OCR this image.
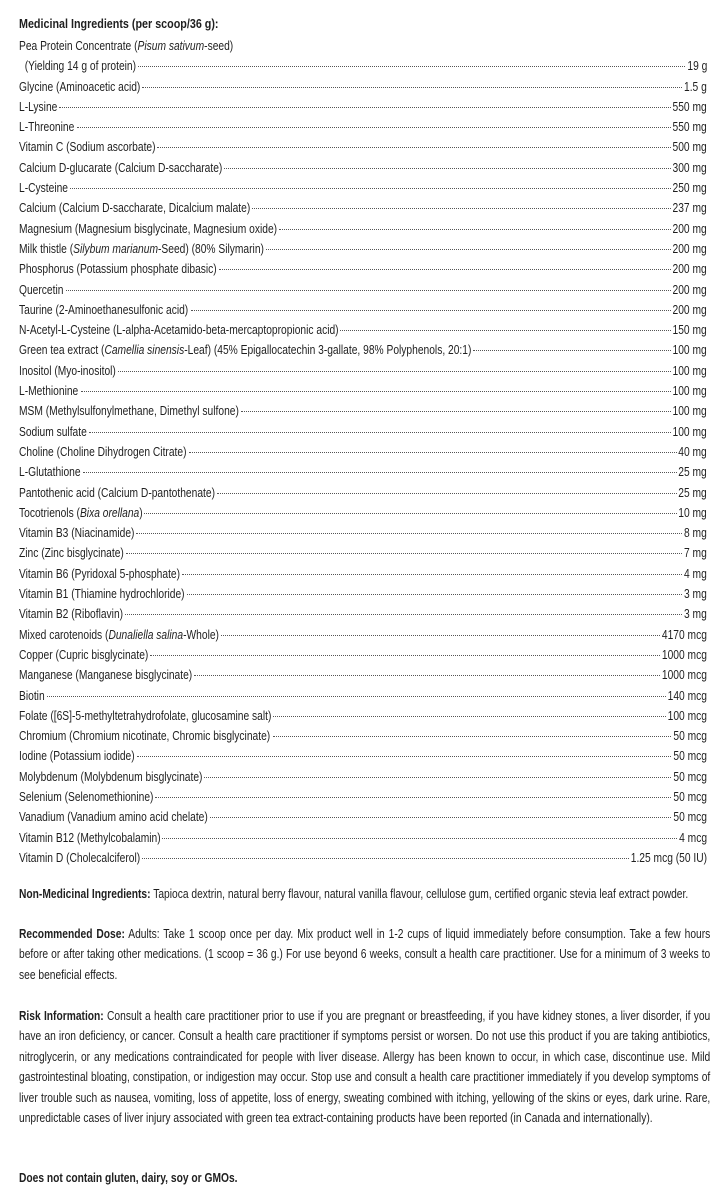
Medicinal Ingredients (per scoop/36 g):
Pea Protein Concentrate (Pisum sativum-seed)
(Yielding 14 g of protein)	19 g
Glycine (Aminoacetic acid)	1.5 g
L-Lysine	550 mg
L-Threonine	550 mg
Vitamin C (Sodium ascorbate)	500 mg
Calcium D-glucarate (Calcium D-saccharate)	300 mg
L-Cysteine	250 mg
Calcium (Calcium D-saccharate, Dicalcium malate)	237 mg
Magnesium (Magnesium bisglycinate, Magnesium oxide)	200 mg
Milk thistle (Silybum marianum-Seed) (80% Silymarin)	200 mg
Phosphorus (Potassium phosphate dibasic)	200 mg
Quercetin	200 mg
Taurine (2-Aminoethanesulfonic acid)	200 mg
N-Acetyl-L-Cysteine (L-alpha-Acetamido-beta-mercaptopropionic acid)	150 mg
Green tea extract (Camellia sinensis-Leaf) (45% Epigallocatechin 3-gallate, 98% Polyphenols, 20:1)	100 mg
Inositol (Myo-inositol)	100 mg
L-Methionine	100 mg
MSM (Methylsulfonylmethane, Dimethyl sulfone)	100 mg
Sodium sulfate	100 mg
Choline (Choline Dihydrogen Citrate)	40 mg
L-Glutathione	25 mg
Pantothenic acid (Calcium D-pantothenate)	25 mg
Tocotrienols (Bixa orellana)	10 mg
Vitamin B3 (Niacinamide)	8 mg
Zinc (Zinc bisglycinate)	7 mg
Vitamin B6 (Pyridoxal 5-phosphate)	4 mg
Vitamin B1 (Thiamine hydrochloride)	3 mg
Vitamin B2 (Riboflavin)	3 mg
Mixed carotenoids (Dunaliella salina-Whole)	4170 mcg
Copper (Cupric bisglycinate)	1000 mcg
Manganese (Manganese bisglycinate)	1000 mcg
Biotin	140 mcg
Folate ([6S]-5-methyltetrahydrofolate, glucosamine salt)	100 mcg
Chromium (Chromium nicotinate, Chromic bisglycinate)	50 mcg
Iodine (Potassium iodide)	50 mcg
Molybdenum (Molybdenum bisglycinate)	50 mcg
Selenium (Selenomethionine)	50 mcg
Vanadium (Vanadium amino acid chelate)	50 mcg
Vitamin B12 (Methylcobalamin)	4 mcg
Vitamin D (Cholecalciferol)	1.25 mcg (50 IU)

Non-Medicinal Ingredients: Tapioca dextrin, natural berry flavour, natural vanilla flavour, cellulose gum, certified organic stevia leaf extract powder.

Recommended Dose: Adults: Take 1 scoop once per day. Mix product well in 1-2 cups of liquid immediately before consumption. Take a few hours before or after taking other medications. (1 scoop = 36 g.) For use beyond 6 weeks, consult a health care practitioner. Use for a minimum of 3 weeks to see beneficial effects.

Risk Information: Consult a health care practitioner prior to use if you are pregnant or breastfeeding, if you have kidney stones, a liver disorder, if you have an iron deficiency, or cancer. Consult a health care practitioner if symptoms persist or worsen. Do not use this product if you are taking antibiotics, nitroglycerin, or any medications contraindicated for people with liver disease. Allergy has been known to occur, in which case, discontinue use. Mild gastrointestinal bloating, constipation, or indigestion may occur. Stop use and consult a health care practitioner immediately if you develop symptoms of liver trouble such as nausea, vomiting, loss of appetite, loss of energy, sweating combined with itching, yellowing of the skins or eyes, dark urine. Rare, unpredictable cases of liver injury associated with green tea extract-containing products have been reported (in Canada and internationally).

Does not contain gluten, dairy, soy or GMOs.
